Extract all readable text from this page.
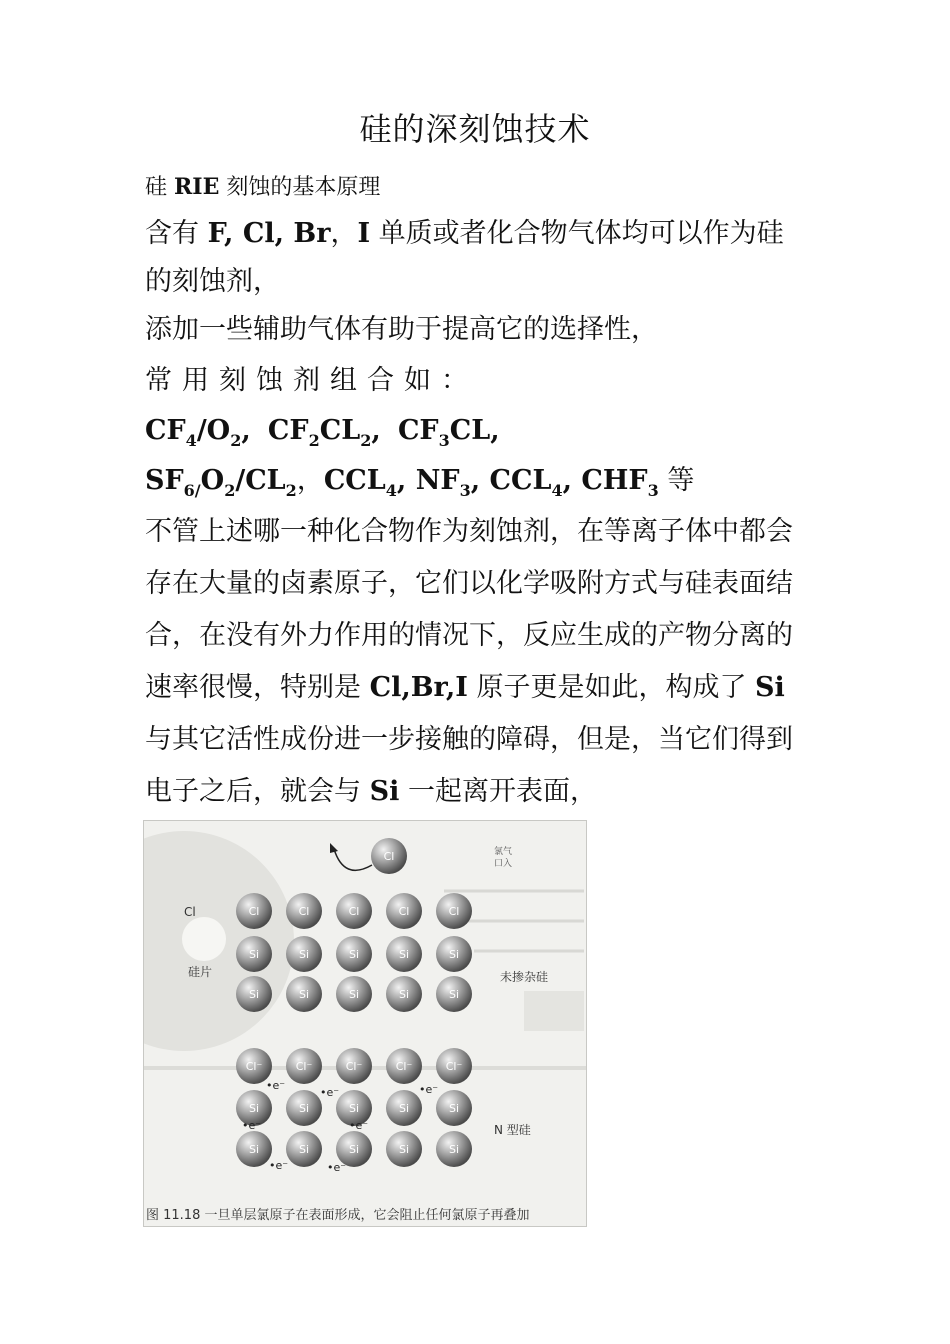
硅的深刻蚀技术
硅 RIE 刻蚀的基本原理
含有 F, Cl, Br，I 单质或者化合物气体均可以作为硅的刻蚀剂，
添加一些辅助气体有助于提高它的选择性，
常用刻蚀剂组合如：$CF_4/O_2$, $CF_2CL_2$, $CF_3CL$,
$SF_{6/}O_2/CL_2$，$CCL_4$, $NF_3$, $CCL_4$, $CHF_3$ 等
不管上述哪一种化合物作为刻蚀剂，在等离子体中都会存在大量的卤素原子，它们以化学吸附方式与硅表面结合，在没有外力作用的情况下，反应生成的产物分离的速率很慢，特别是 Cl,Br,I 原子更是如此，构成了 Si 与其它活性成份进一步接触的障碍，但是，当它们得到电子之后，就会与 Si 一起离开表面，
Cl
Cl	Cl	Cl	Cl	Cl
Si	Si	Si	Si	Si
Si	Si	Si	Si	Si
Cl⁻	Cl⁻	Cl⁻	Cl⁻	Cl⁻
Si	Si	Si	Si	Si
Si	Si	Si	Si	Si
•e⁻
•e⁻	•e⁻
•e⁻	•e⁻
•e⁻	•e⁻
Cl
硅片
氯气
口入
未掺杂硅
N 型硅
图 11.18 一旦单层氯原子在表面形成，它会阻止任何氯原子再叠加
